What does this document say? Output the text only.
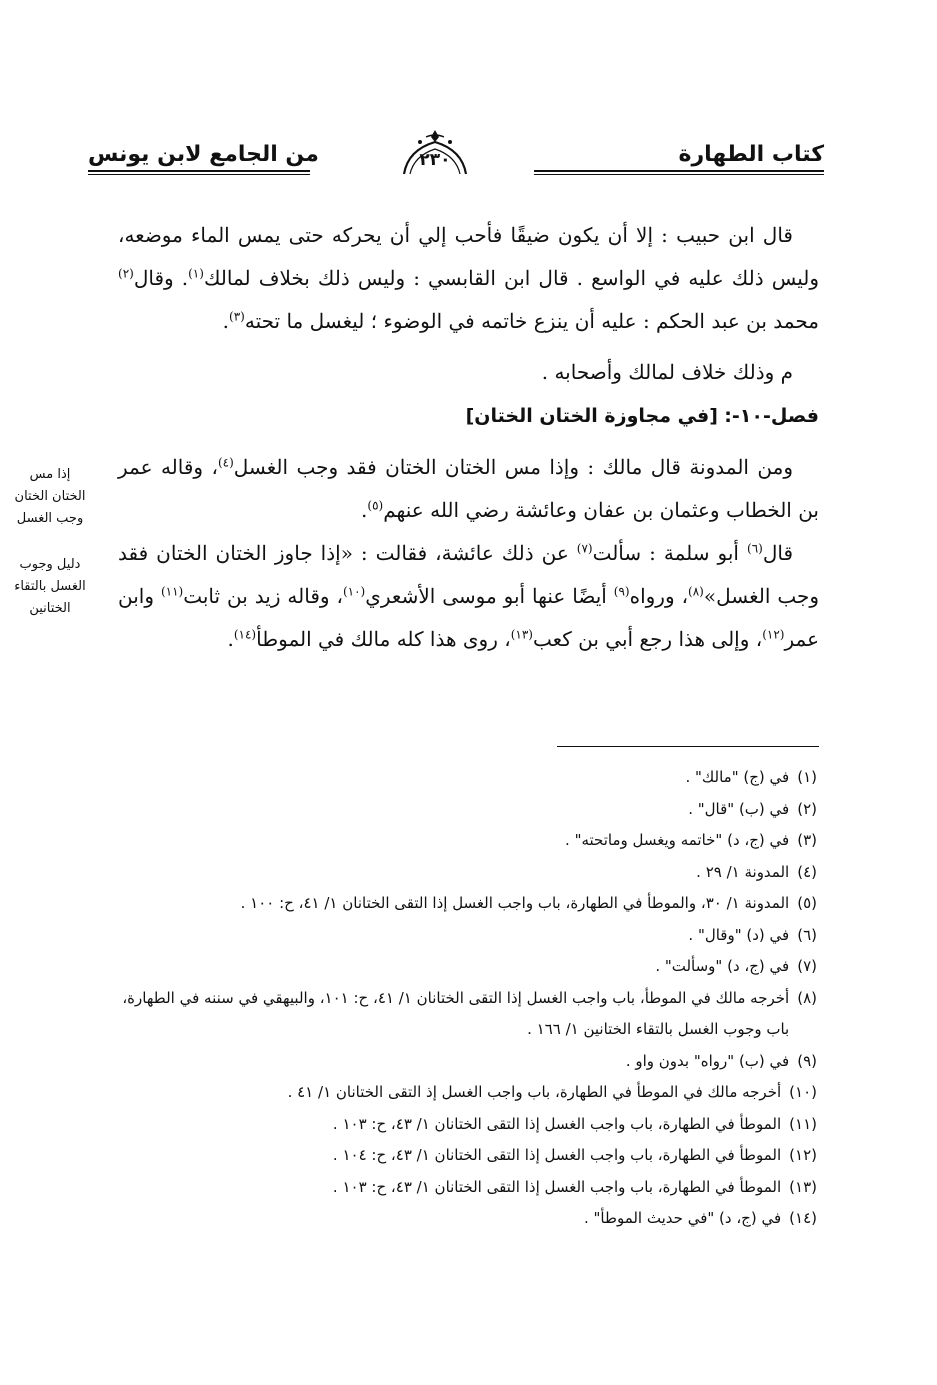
كتاب الطهارة
٢٣٠
من الجامع لابن يونس

قال ابن حبيب : إلا أن يكون ضيقًا فأحب إلي أن يحركه حتى يمس الماء موضعه، وليس ذلك عليه في الواسع . قال ابن القابسي : وليس ذلك بخلاف لمالك$^{(١)}$. وقال$^{(٢)}$ محمد بن عبد الحكم : عليه أن ينزع خاتمه في الوضوء ؛ ليغسل ما تحته$^{(٣)}$.

م وذلك خلاف لمالك وأصحابه .

فصل-١٠-: [في مجاوزة الختان الختان]

ومن المدونة قال مالك : وإذا مس الختان الختان فقد وجب الغسل$^{(٤)}$، وقاله عمر بن الخطاب وعثمان بن عفان وعائشة رضي الله عنهم$^{(٥)}$.

قال$^{(٦)}$ أبو سلمة : سألت$^{(٧)}$ عن ذلك عائشة، فقالت : «إذا جاوز الختان الختان فقد وجب الغسل»$^{(٨)}$، ورواه$^{(٩)}$ أيضًا عنها أبو موسى الأشعري$^{(١٠)}$، وقاله زيد بن ثابت$^{(١١)}$ وابن عمر$^{(١٢)}$، وإلى هذا رجع أبي بن كعب$^{(١٣)}$، روى هذا كله مالك في الموطأ$^{(١٤)}$.

إذا مس الختان الختان وجب الغسل
دليل وجوب الغسل بالتقاء الختانين
(١)
في (ج) "مالك" .
(٢)
في (ب) "قال" .
(٣)
في (ج، د) "خاتمه ويغسل وماتحته" .
(٤)
المدونة ١/ ٢٩ .
(٥)
المدونة ١/ ٣٠، والموطأ في الطهارة، باب واجب الغسل إذا التقى الختانان ١/ ٤١، ح: ١٠٠ .
(٦)
في (د) "وقال" .
(٧)
في (ج، د) "وسألت" .
(٨)
أخرجه مالك في الموطأ، باب واجب الغسل إذا التقى الختانان ١/ ٤١، ح: ١٠١، والبيهقي في سننه في الطهارة، باب وجوب الغسل بالتقاء الختانين ١/ ١٦٦ .
(٩)
في (ب) "رواه" بدون واو .
(١٠)
أخرجه مالك في الموطأ في الطهارة، باب واجب الغسل إذ التقى الختانان ١/ ٤١ .
(١١)
الموطأ في الطهارة، باب واجب الغسل إذا التقى الختانان ١/ ٤٣، ح: ١٠٣ .
(١٢)
الموطأ في الطهارة، باب واجب الغسل إذا التقى الختانان ١/ ٤٣، ح: ١٠٤ .
(١٣)
الموطأ في الطهارة، باب واجب الغسل إذا التقى الختانان ١/ ٤٣، ح: ١٠٣ .
(١٤)
في (ج، د) "في حديث الموطأ" .
